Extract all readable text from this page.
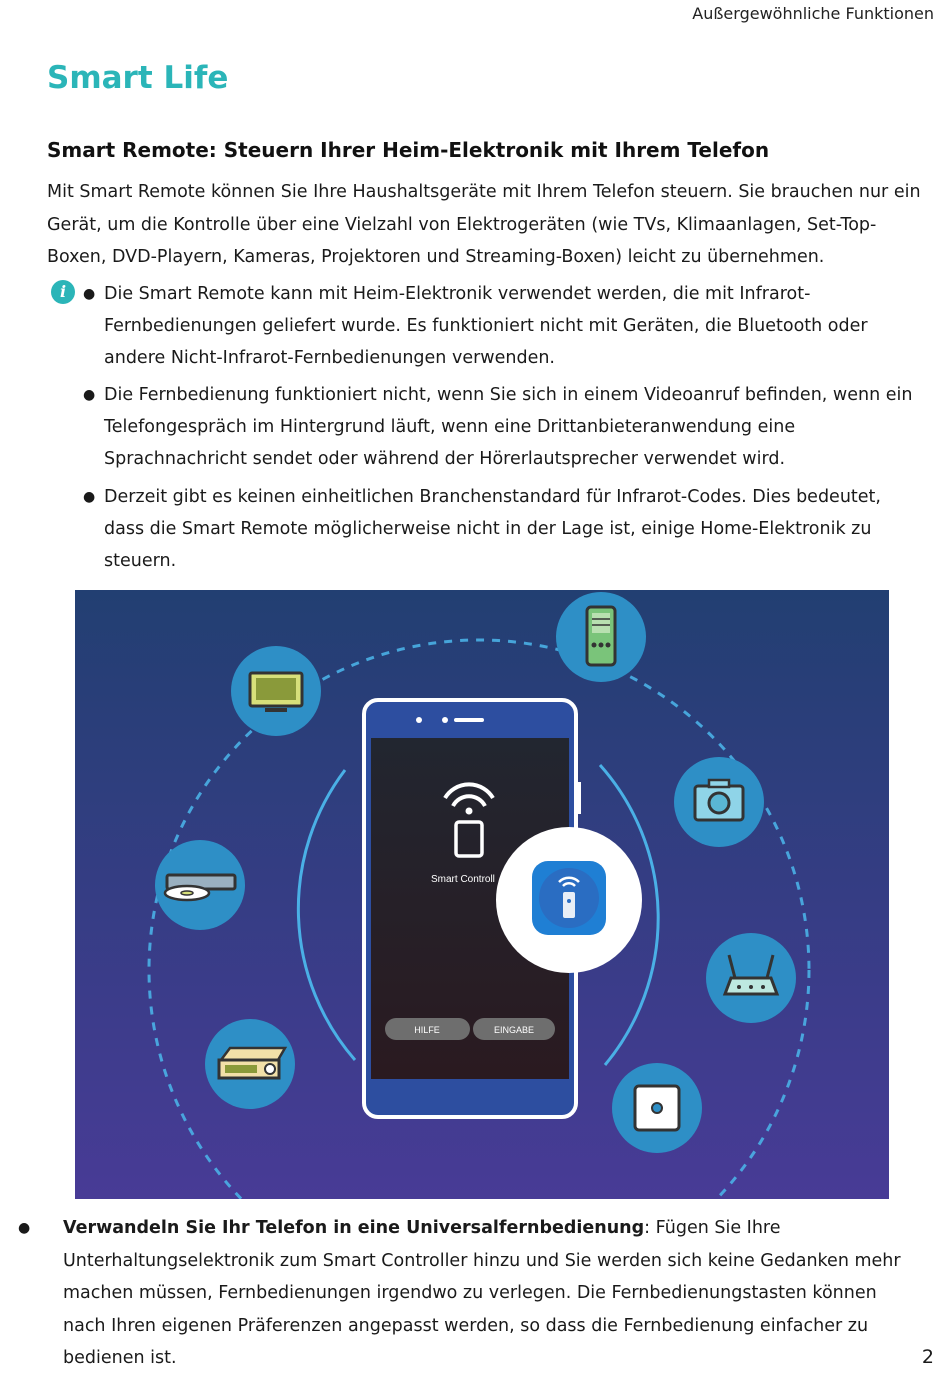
Außergewöhnliche Funktionen
Smart Life
Smart Remote: Steuern Ihrer Heim-Elektronik mit Ihrem Telefon

Mit Smart Remote können Sie Ihre Haushaltsgeräte mit Ihrem Telefon steuern. Sie brauchen nur ein Gerät, um die Kontrolle über eine Vielzahl von Elektrogeräten (wie TVs, Klimaanlagen, Set-Top-Boxen, DVD-Playern, Kameras, Projektoren und Streaming-Boxen) leicht zu übernehmen.

i	● Die Smart Remote kann mit Heim-Elektronik verwendet werden, die mit Infrarot-Fernbedienungen geliefert wurde. Es funktioniert nicht mit Geräten, die Bluetooth oder andere Nicht-Infrarot-Fernbedienungen verwenden.
● Die Fernbedienung funktioniert nicht, wenn Sie sich in einem Videoanruf befinden, wenn ein Telefongespräch im Hintergrund läuft, wenn eine Drittanbieteranwendung eine Sprachnachricht sendet oder während der Hörerlautsprecher verwendet wird.
● Derzeit gibt es keinen einheitlichen Branchenstandard für Infrarot-Codes. Dies bedeutet, dass die Smart Remote möglicherweise nicht in der Lage ist, einige Home-Elektronik zu steuern.
Smart Controll
HILFE	EINGABE
● Verwandeln Sie Ihr Telefon in eine Universalfernbedienung: Fügen Sie Ihre Unterhaltungselektronik zum Smart Controller hinzu und Sie werden sich keine Gedanken mehr machen müssen, Fernbedienungen irgendwo zu verlegen. Die Fernbedienungstasten können nach Ihren eigenen Präferenzen angepasst werden, so dass die Fernbedienung einfacher zu bedienen ist.	2
